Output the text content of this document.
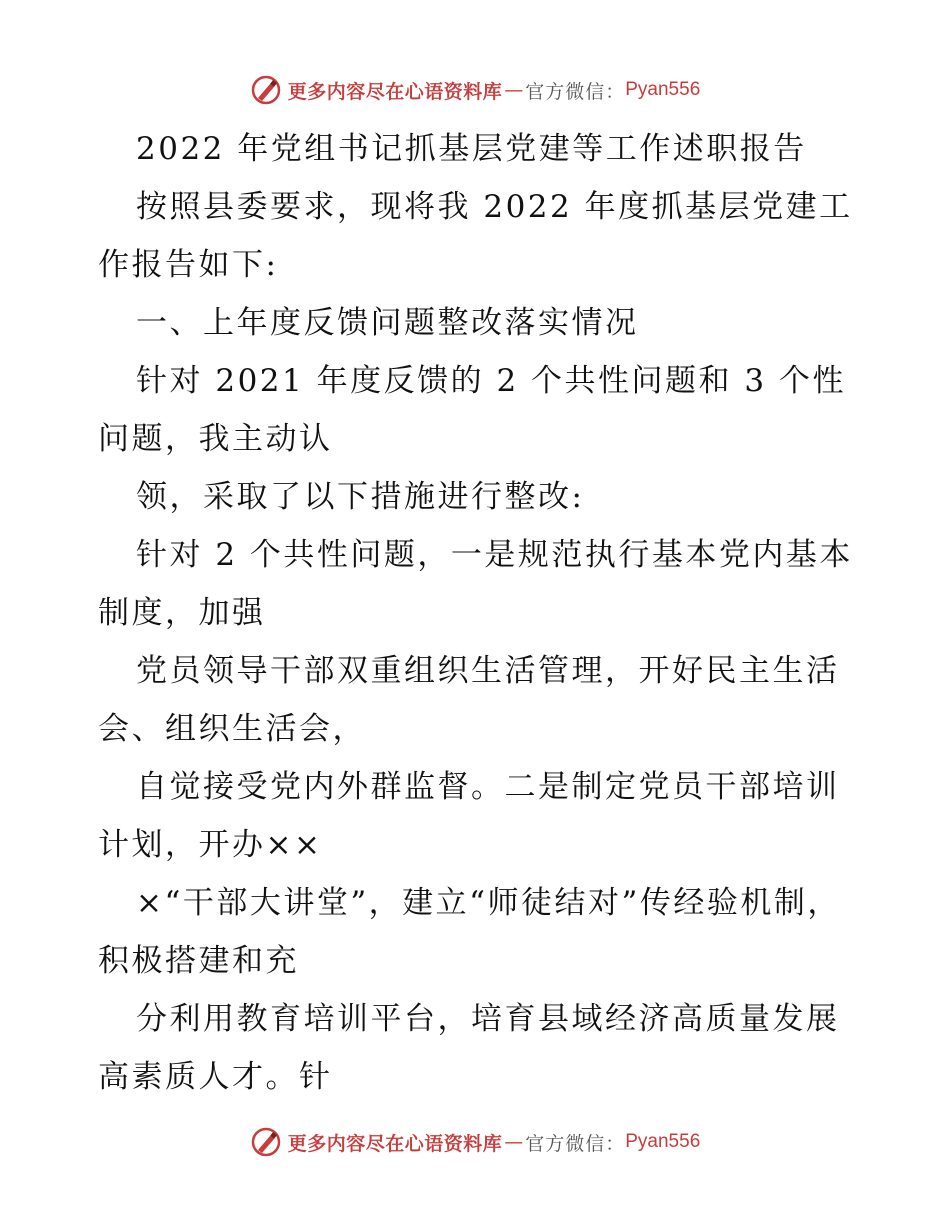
更多内容尽在心语资料库 — 官方微信： Pyan556

2022 年党组书记抓基层党建等工作述职报告

按照县委要求，现将我 2022 年度抓基层党建工作报告如下:

一、上年度反馈问题整改落实情况

针对 2021 年度反馈的 2 个共性问题和 3 个性问题，我主动认

领，采取了以下措施进行整改:

针对 2 个共性问题，一是规范执行基本党内基本制度，加强

党员领导干部双重组织生活管理，开好民主生活会、组织生活会，

自觉接受党内外群监督。二是制定党员干部培训计划，开办××

×“干部大讲堂”，建立“师徒结对”传经验机制，积极搭建和充

分利用教育培训平台，培育县域经济高质量发展高素质人才。针

更多内容尽在心语资料库 — 官方微信： Pyan556
